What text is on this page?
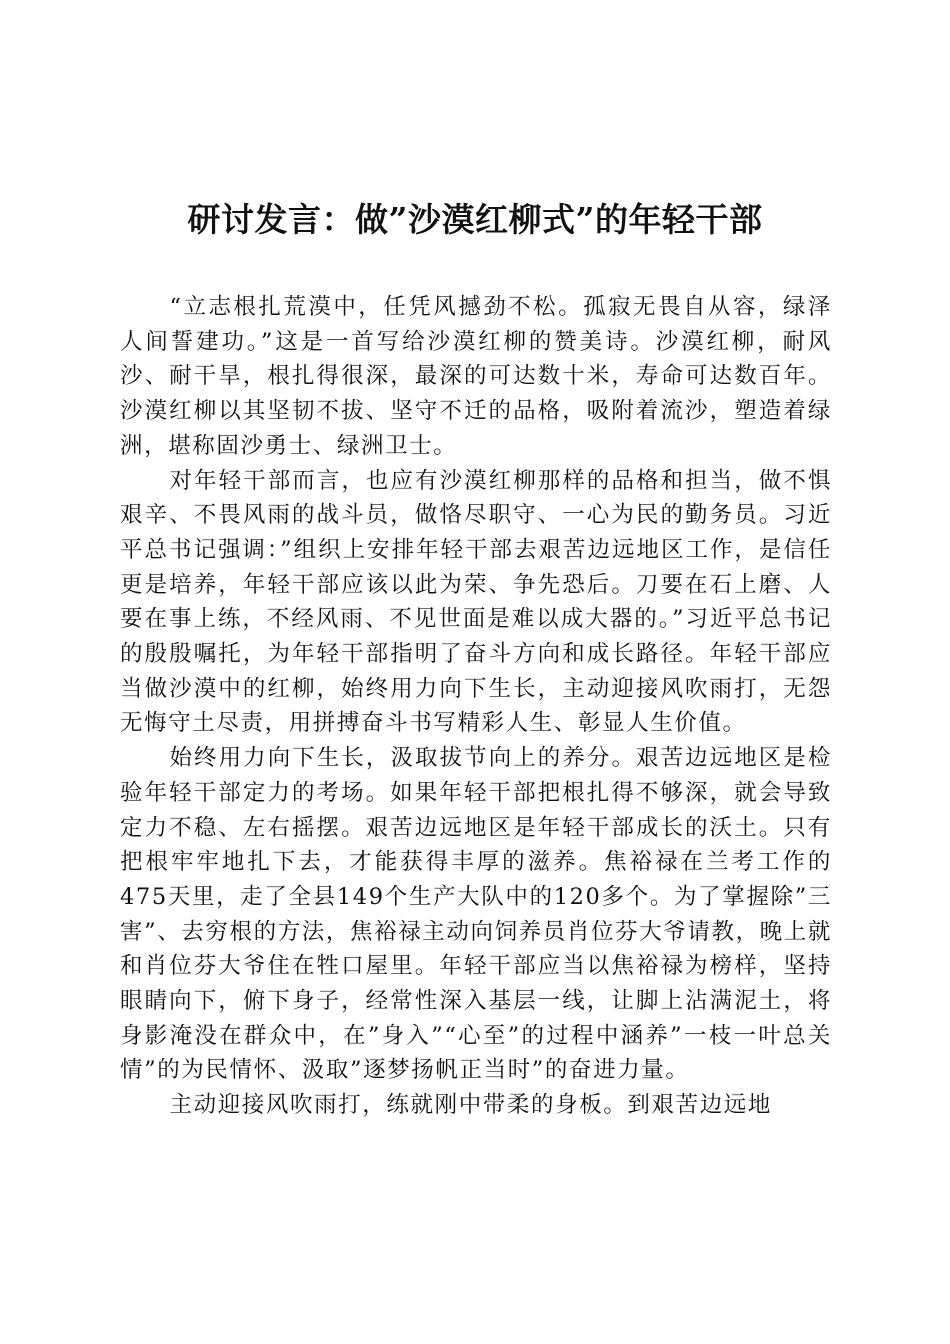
研讨发言：做”沙漠红柳式”的年轻干部

“立志根扎荒漠中，任凭风撼劲不松。孤寂无畏自从容，绿泽人间誓建功。”这是一首写给沙漠红柳的赞美诗。沙漠红柳，耐风沙、耐干旱，根扎得很深，最深的可达数十米，寿命可达数百年。沙漠红柳以其坚韧不拔、坚守不迁的品格，吸附着流沙，塑造着绿洲，堪称固沙勇士、绿洲卫士。

对年轻干部而言，也应有沙漠红柳那样的品格和担当，做不惧艰辛、不畏风雨的战斗员，做恪尽职守、一心为民的勤务员。习近平总书记强调：”组织上安排年轻干部去艰苦边远地区工作，是信任更是培养，年轻干部应该以此为荣、争先恐后。刀要在石上磨、人要在事上练，不经风雨、不见世面是难以成大器的。”习近平总书记的殷殷嘱托，为年轻干部指明了奋斗方向和成长路径。年轻干部应当做沙漠中的红柳，始终用力向下生长，主动迎接风吹雨打，无怨无悔守土尽责，用拼搏奋斗书写精彩人生、彰显人生价值。

始终用力向下生长，汲取拔节向上的养分。艰苦边远地区是检验年轻干部定力的考场。如果年轻干部把根扎得不够深，就会导致定力不稳、左右摇摆。艰苦边远地区是年轻干部成长的沃土。只有把根牢牢地扎下去，才能获得丰厚的滋养。焦裕禄在兰考工作的475天里，走了全县149个生产大队中的120多个。为了掌握除”三害”、去穷根的方法，焦裕禄主动向饲养员肖位芬大爷请教，晚上就和肖位芬大爷住在牲口屋里。年轻干部应当以焦裕禄为榜样，坚持眼睛向下，俯下身子，经常性深入基层一线，让脚上沾满泥土，将身影淹没在群众中，在”身入”“心至”的过程中涵养”一枝一叶总关情”的为民情怀、汲取”逐梦扬帆正当时”的奋进力量。

主动迎接风吹雨打，练就刚中带柔的身板。到艰苦边远地
